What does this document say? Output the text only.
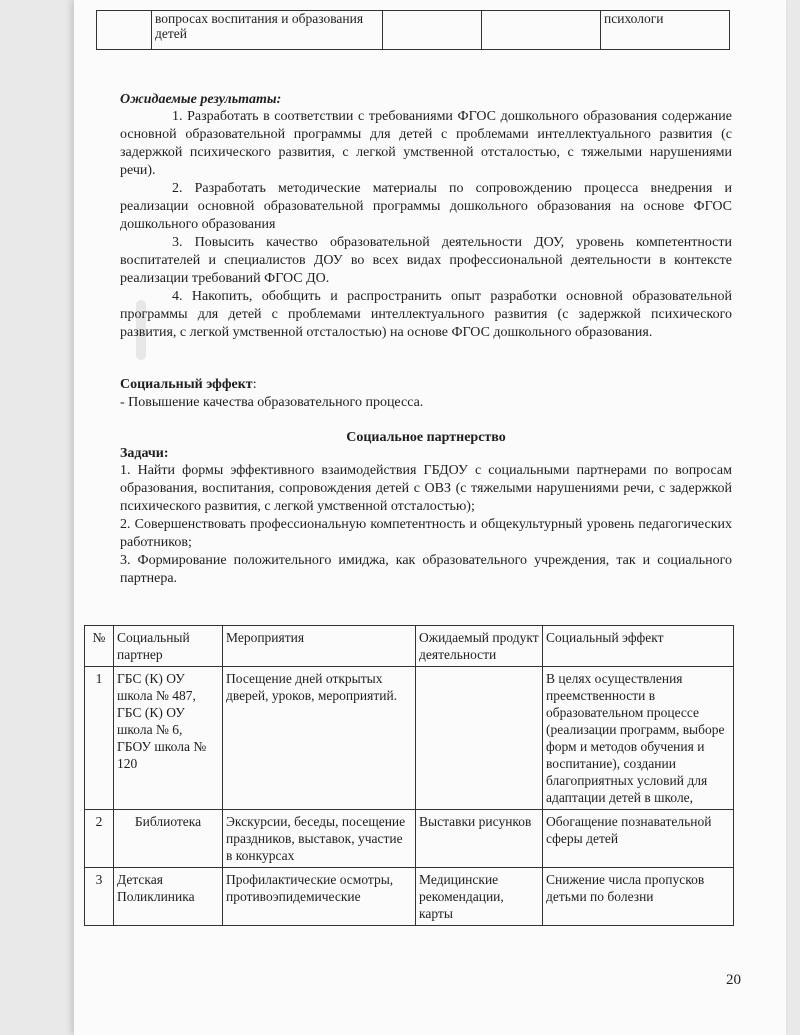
	вопросах воспитания и образования детей			психологи

Ожидаемые результаты:

1. Разработать в соответствии с требованиями ФГОС дошкольного образования содержание основной образовательной программы для детей с проблемами интеллектуального развития (с задержкой психического развития, с легкой умственной отсталостью, с тяжелыми нарушениями речи).

2. Разработать методические материалы по сопровождению процесса внедрения и реализации основной образовательной программы дошкольного образования на основе ФГОС дошкольного образования

3. Повысить качество образовательной деятельности ДОУ, уровень компетентности воспитателей и специалистов ДОУ во всех видах профессиональной деятельности в контексте реализации требований ФГОС ДО.

4. Накопить, обобщить и распространить опыт разработки основной образовательной программы для детей с проблемами интеллектуального развития (с задержкой психического развития, с легкой умственной отсталостью) на основе ФГОС дошкольного образования.

Социальный эффект:

- Повышение качества образовательного процесса.

Социальное партнерство

Задачи:

1. Найти формы эффективного взаимодействия ГБДОУ с социальными партнерами по вопросам образования, воспитания, сопровождения детей с ОВЗ (с тяжелыми нарушениями речи, с задержкой психического развития, с легкой умственной отсталостью);

2. Совершенствовать профессиональную компетентность и общекультурный уровень педагогических работников;

3. Формирование положительного имиджа, как образовательного учреждения, так и социального партнера.

№	Социальный партнер	Мероприятия	Ожидаемый продукт деятельности	Социальный эффект
1	ГБС (К) ОУ школа № 487, ГБС (К) ОУ школа № 6, ГБОУ школа № 120	Посещение дней открытых дверей, уроков, мероприятий.		В целях осуществления преемственности в образовательном процессе (реализации программ, выборе форм и методов обучения и воспитание), создании благоприятных условий для адаптации детей в школе,
2	Библиотека	Экскурсии, беседы, посещение праздников, выставок, участие в конкурсах	Выставки рисунков	Обогащение познавательной сферы детей
3	Детская Поликлиника	Профилактические осмотры, противоэпидемические	Медицинские рекомендации, карты	Снижение числа пропусков детьми по болезни
20
